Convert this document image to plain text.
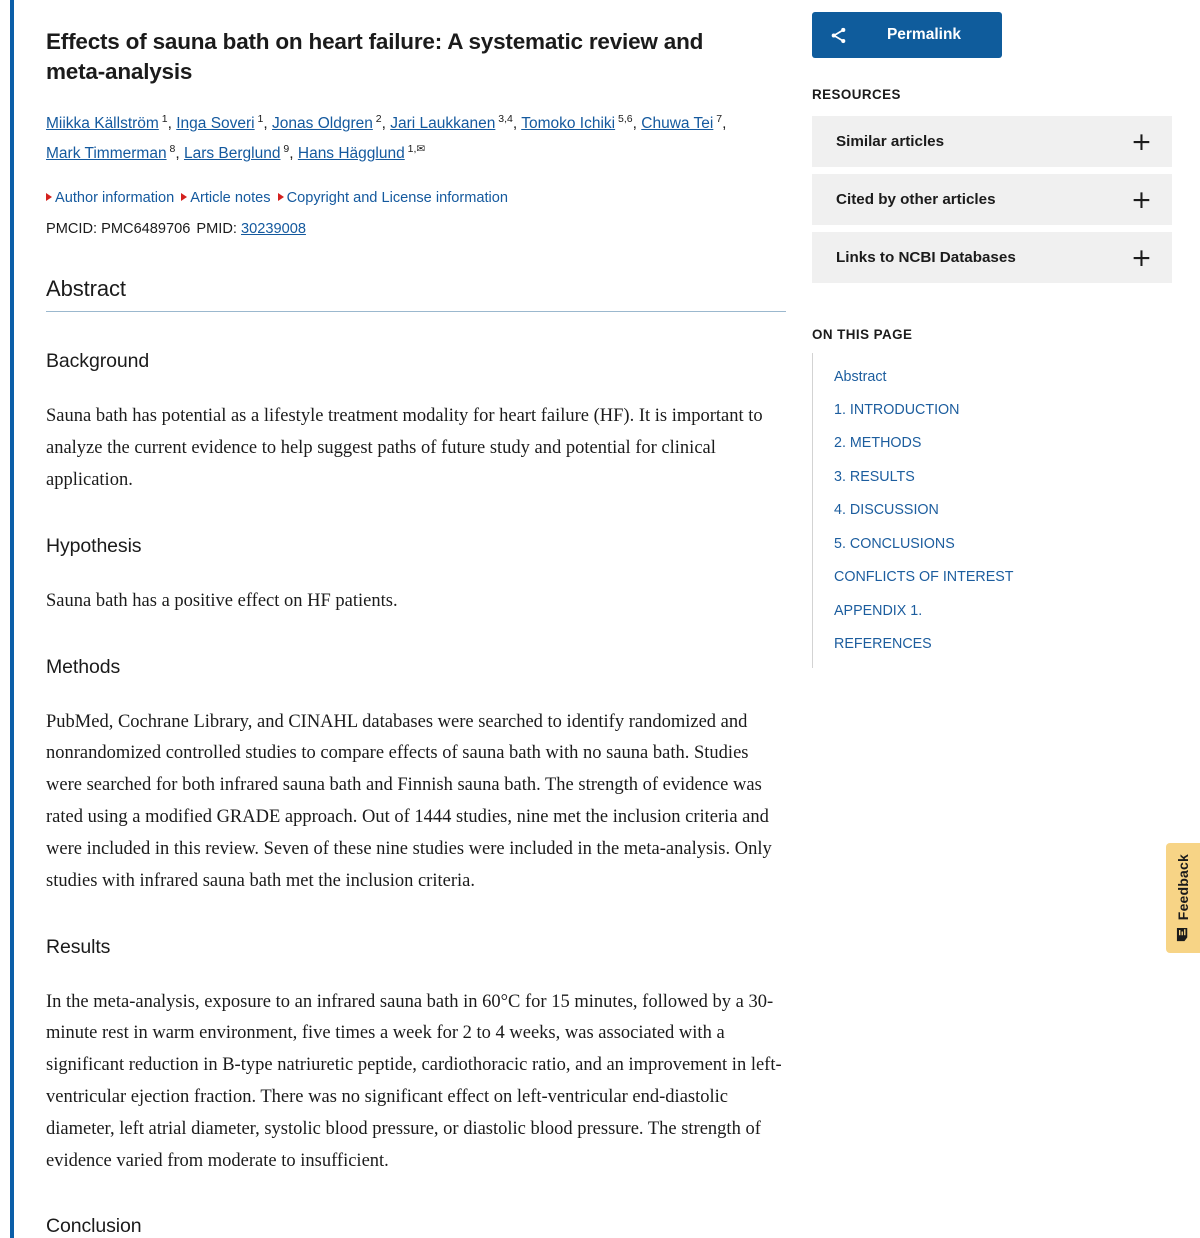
Effects of sauna bath on heart failure: A systematic review and meta-analysis
Miikka Källström $^1$, Inga Soveri $^1$, Jonas Oldgren $^2$, Jari Laukkanen $^{3,4}$, Tomoko Ichiki $^{5,6}$, Chuwa Tei $^7$, Mark Timmerman $^8$, Lars Berglund $^9$, Hans Hägglund $^{1,✉}$
Author information Article notes Copyright and License information
PMCID: PMC6489706 PMID: 30239008
Abstract
Background

Sauna bath has potential as a lifestyle treatment modality for heart failure (HF). It is important to analyze the current evidence to help suggest paths of future study and potential for clinical application.

Hypothesis

Sauna bath has a positive effect on HF patients.

Methods

PubMed, Cochrane Library, and CINAHL databases were searched to identify randomized and nonrandomized controlled studies to compare effects of sauna bath with no sauna bath. Studies were searched for both infrared sauna bath and Finnish sauna bath. The strength of evidence was rated using a modified GRADE approach. Out of 1444 studies, nine met the inclusion criteria and were included in this review. Seven of these nine studies were included in the meta-analysis. Only studies with infrared sauna bath met the inclusion criteria.

Results

In the meta-analysis, exposure to an infrared sauna bath in 60°C for 15 minutes, followed by a 30-minute rest in warm environment, five times a week for 2 to 4 weeks, was associated with a significant reduction in B-type natriuretic peptide, cardiothoracic ratio, and an improvement in left-ventricular ejection fraction. There was no significant effect on left-ventricular end-diastolic diameter, left atrial diameter, systolic blood pressure, or diastolic blood pressure. The strength of evidence varied from moderate to insufficient.

Conclusion
Permalink
RESOURCES
Similar articles	+
Cited by other articles	+
Links to NCBI Databases	+
ON THIS PAGE
Abstract
1. INTRODUCTION
2. METHODS
3. RESULTS
4. DISCUSSION
5. CONCLUSIONS
CONFLICTS OF INTEREST
APPENDIX 1.
REFERENCES
Feedback
